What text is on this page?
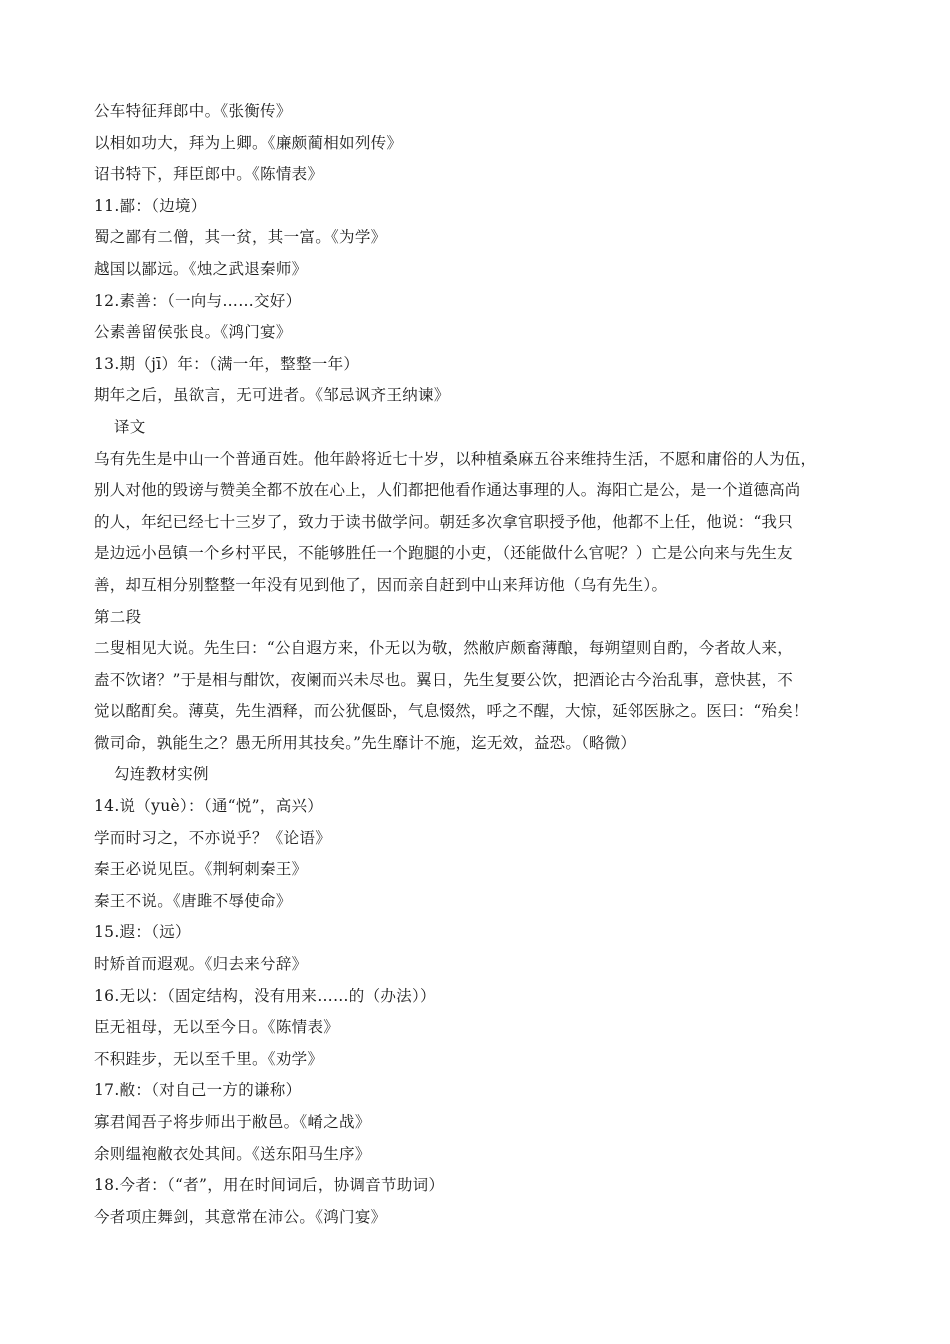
公车特征拜郎中。《张衡传》
以相如功大，拜为上卿。《廉颇蔺相如列传》
诏书特下，拜臣郎中。《陈情表》
11.鄙：（边境）
蜀之鄙有二僧，其一贫，其一富。《为学》
越国以鄙远。《烛之武退秦师》
12.素善：（一向与……交好）
公素善留侯张良。《鸿门宴》
13.期（jī）年：（满一年，整整一年）
期年之后，虽欲言，无可进者。《邹忌讽齐王纳谏》
译文
乌有先生是中山一个普通百姓。他年龄将近七十岁，以种植桑麻五谷来维持生活，不愿和庸俗的人为伍，
别人对他的毁谤与赞美全都不放在心上，人们都把他看作通达事理的人。海阳亡是公，是一个道德高尚
的人，年纪已经七十三岁了，致力于读书做学问。朝廷多次拿官职授予他，他都不上任，他说：“我只
是边远小邑镇一个乡村平民，不能够胜任一个跑腿的小吏，（还能做什么官呢？）亡是公向来与先生友
善，却互相分别整整一年没有见到他了，因而亲自赶到中山来拜访他（乌有先生）。
第二段
二叟相见大说。先生曰：“公自遐方来，仆无以为敬，然敝庐颇畜薄酿，每朔望则自酌，今者故人来，
盍不饮诸？”于是相与酣饮，夜阑而兴未尽也。翼日，先生复要公饮，把酒论古今治乱事，意快甚，不
觉以酩酊矣。薄莫，先生酒释，而公犹偃卧，气息惙然，呼之不醒，大惊，延邻医脉之。医曰：“殆矣！
微司命，孰能生之？愚无所用其技矣。”先生靡计不施，迄无效，益恐。（略微）
勾连教材实例
14.说（yuè）：（通“悦”，高兴）
学而时习之，不亦说乎？《论语》
秦王必说见臣。《荆轲刺秦王》
秦王不说。《唐雎不辱使命》
15.遐：（远）
时矫首而遐观。《归去来兮辞》
16.无以：（固定结构，没有用来……的（办法））
臣无祖母，无以至今日。《陈情表》
不积跬步，无以至千里。《劝学》
17.敝：（对自己一方的谦称）
寡君闻吾子将步师出于敝邑。《崤之战》
余则缊袍敝衣处其间。《送东阳马生序》
18.今者：（“者”，用在时间词后，协调音节助词）
今者项庄舞剑，其意常在沛公。《鸿门宴》
